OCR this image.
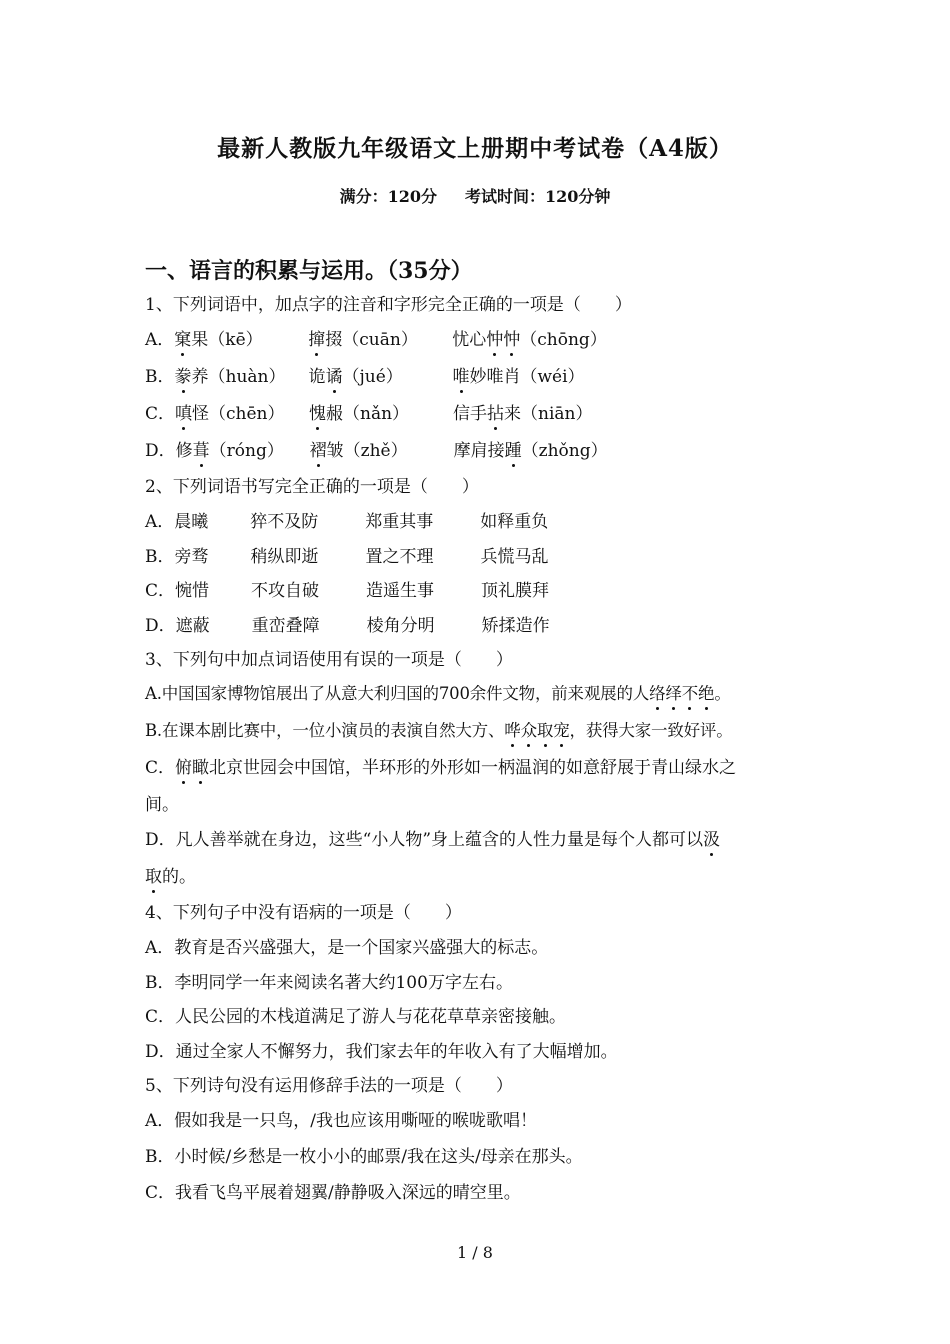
最新人教版九年级语文上册期中考试卷（A4版）
满分：120分 考试时间：120分钟
一、语言的积累与运用。（35分）
1、下列词语中，加点字的注音和字形完全正确的一项是（　　）
A．窠果（kē）	撺掇（cuān） 忧心忡忡（chōng）
B．豢养（huàn） 诡谲（jué）	唯妙唯肖（wéi）
C．嗔怪（chēn） 愧赧（nǎn）	信手拈来（niān）
D．修葺（róng） 褶皱（zhě）	摩肩接踵（zhǒng）
2、下列词语书写完全正确的一项是（　　）
A．晨曦 猝不及防	郑重其事	如释重负
B．旁骛 稍纵即逝	置之不理	兵慌马乱
C．惋惜 不攻自破	造遥生事	顶礼膜拜
D．遮蔽 重峦叠障	棱角分明	矫揉造作
3、下列句中加点词语使用有误的一项是（　　）
A.中国国家博物馆展出了从意大利归国的700余件文物，前来观展的人络绎不绝。
B.在课本剧比赛中，一位小演员的表演自然大方、哗众取宠，获得大家一致好评。
C．俯瞰北京世园会中国馆，半环形的外形如一柄温润的如意舒展于青山绿水之
间。
D．凡人善举就在身边，这些“小人物”身上蕴含的人性力量是每个人都可以汲
取的。
4、下列句子中没有语病的一项是（　　）
A．教育是否兴盛强大，是一个国家兴盛强大的标志。
B．李明同学一年来阅读名著大约100万字左右。
C．人民公园的木栈道满足了游人与花花草草亲密接触。
D．通过全家人不懈努力，我们家去年的年收入有了大幅增加。
5、下列诗句没有运用修辞手法的一项是（　　）
A．假如我是一只鸟，/我也应该用嘶哑的喉咙歌唱！
B．小时候/乡愁是一枚小小的邮票/我在这头/母亲在那头。
C．我看飞鸟平展着翅翼/静静吸入深远的晴空里。
1 / 8
